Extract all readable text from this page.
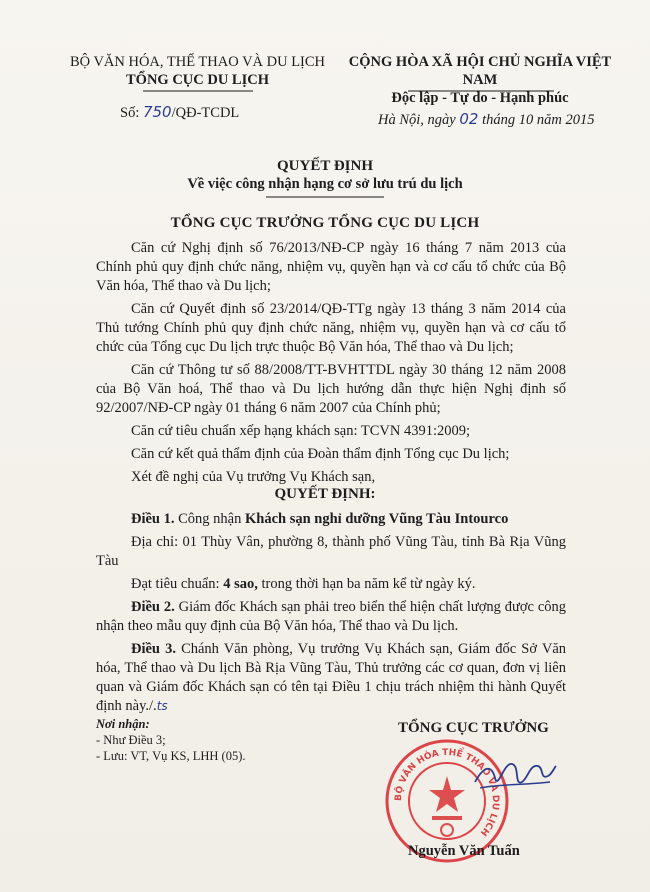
BỘ VĂN HÓA, THỂ THAO VÀ DU LỊCH
TỔNG CỤC DU LỊCH
Số: 750/QĐ-TCDL
CỘNG HÒA XÃ HỘI CHỦ NGHĨA VIỆT NAM
Độc lập - Tự do - Hạnh phúc
Hà Nội, ngày 02 tháng 10 năm 2015
QUYẾT ĐỊNH
Về việc công nhận hạng cơ sở lưu trú du lịch
TỔNG CỤC TRƯỞNG TỔNG CỤC DU LỊCH

Căn cứ Nghị định số 76/2013/NĐ-CP ngày 16 tháng 7 năm 2013 của Chính phủ quy định chức năng, nhiệm vụ, quyền hạn và cơ cấu tổ chức của Bộ Văn hóa, Thể thao và Du lịch;

Căn cứ Quyết định số 23/2014/QĐ-TTg ngày 13 tháng 3 năm 2014 của Thủ tướng Chính phủ quy định chức năng, nhiệm vụ, quyền hạn và cơ cấu tổ chức của Tổng cục Du lịch trực thuộc Bộ Văn hóa, Thể thao và Du lịch;

Căn cứ Thông tư số 88/2008/TT-BVHTTDL ngày 30 tháng 12 năm 2008 của Bộ Văn hoá, Thể thao và Du lịch hướng dẫn thực hiện Nghị định số 92/2007/NĐ-CP ngày 01 tháng 6 năm 2007 của Chính phủ;

Căn cứ tiêu chuẩn xếp hạng khách sạn: TCVN 4391:2009;

Căn cứ kết quả thẩm định của Đoàn thẩm định Tổng cục Du lịch;

Xét đề nghị của Vụ trưởng Vụ Khách sạn,

QUYẾT ĐỊNH:

Điều 1. Công nhận Khách sạn nghỉ dưỡng Vũng Tàu Intourco

Địa chỉ: 01 Thùy Vân, phường 8, thành phố Vũng Tàu, tỉnh Bà Rịa Vũng Tàu

Đạt tiêu chuẩn: 4 sao, trong thời hạn ba năm kể từ ngày ký.

Điều 2. Giám đốc Khách sạn phải treo biển thể hiện chất lượng được công nhận theo mẫu quy định của Bộ Văn hóa, Thể thao và Du lịch.

Điều 3. Chánh Văn phòng, Vụ trưởng Vụ Khách sạn, Giám đốc Sở Văn hóa, Thể thao và Du lịch Bà Rịa Vũng Tàu, Thủ trưởng các cơ quan, đơn vị liên quan và Giám đốc Khách sạn có tên tại Điều 1 chịu trách nhiệm thi hành Quyết định này./.ts

Nơi nhận:
- Như Điều 3;
- Lưu: VT, Vụ KS, LHH (05).
TỔNG CỤC TRƯỞNG
BỘ VĂN HÓA THỂ THAO VÀ DU LỊCH
Nguyễn Văn Tuấn
